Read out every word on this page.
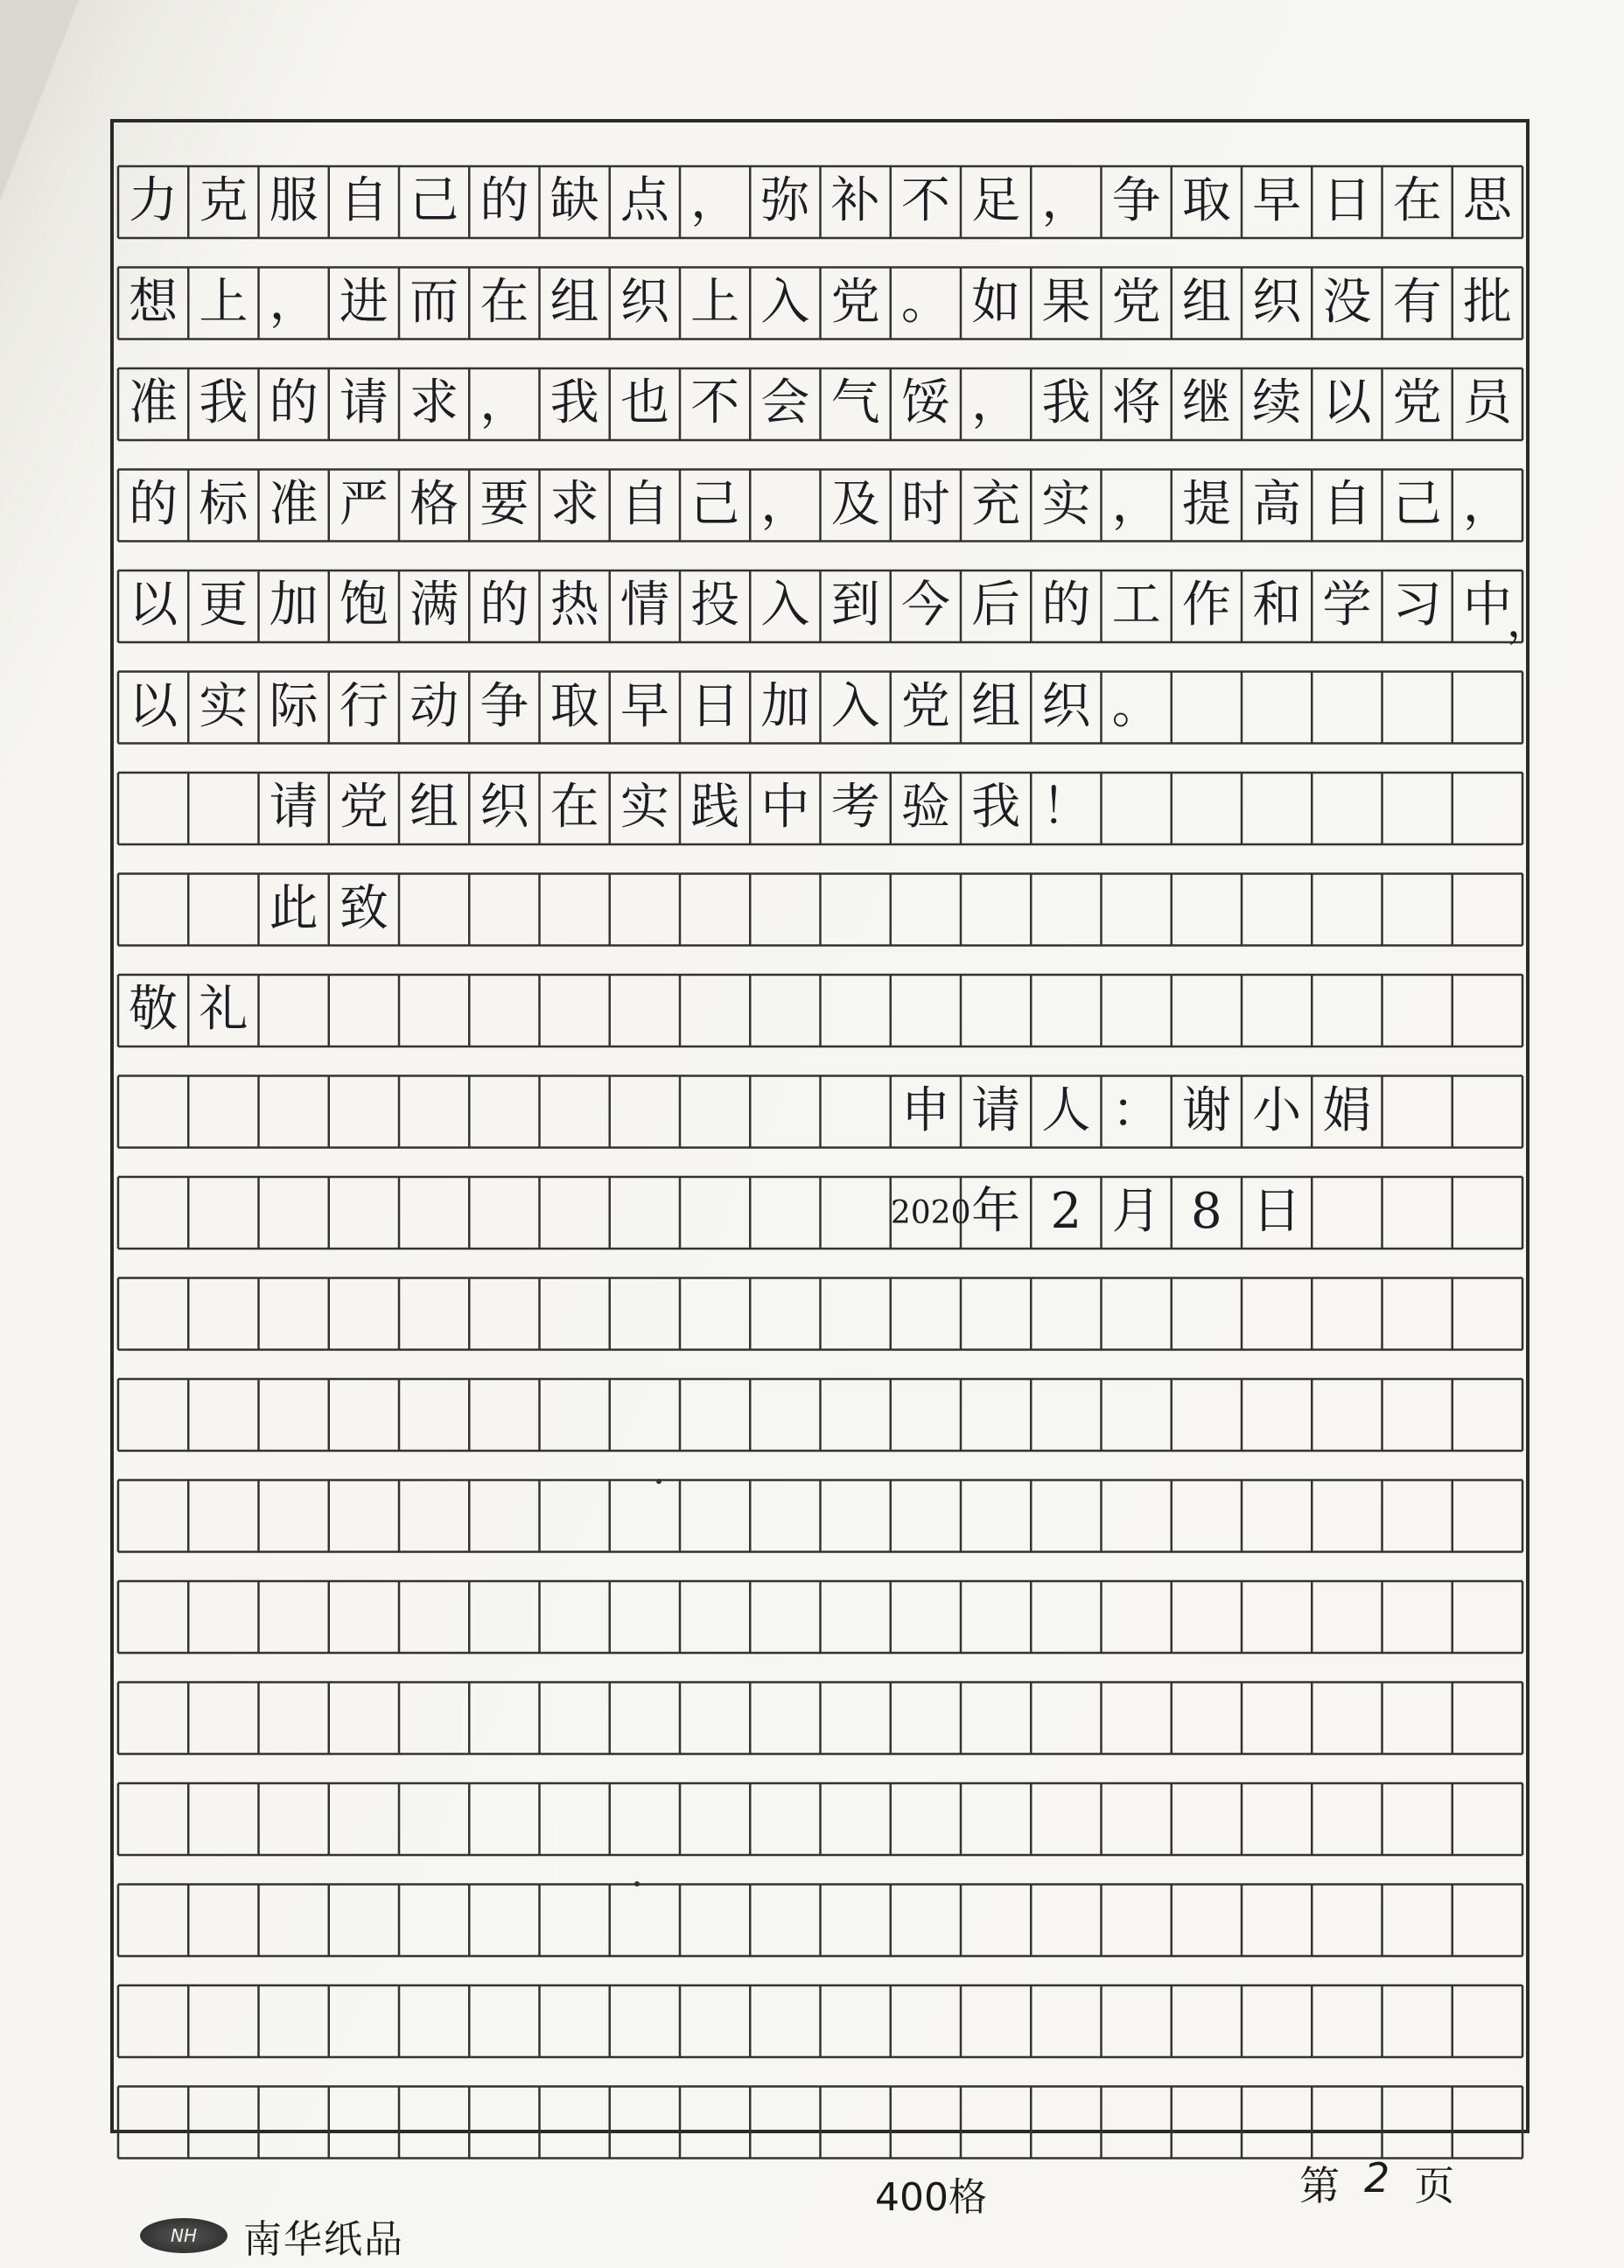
力 克 服 自 己 的 缺 点 ， 弥 补 不 足 ， 争 取 早 日 在 思
想 上 ， 进 而 在 组 织 上 入 党 。 如 果 党 组 织 没 有 批
准 我 的 请 求 ， 我 也 不 会 气 馁 ， 我 将 继 续 以 党 员
的 标 准 严 格 要 求 自 己 ， 及 时 充 实 ， 提 高 自 己 ，
以 更 加 饱 满 的 热 情 投 入 到 今 后 的 工 作 和 学 习 中
以 实 际 行 动 争 取 早 日 加 入 党 组 织 。
请 党 组 织 在 实 践 中 考 验 我 ！
此 致
敬 礼
申 请 人 ： 谢 小 娟
2020 年 2 月 8 日
，
NH	南华纸品
400格	第 2 页
